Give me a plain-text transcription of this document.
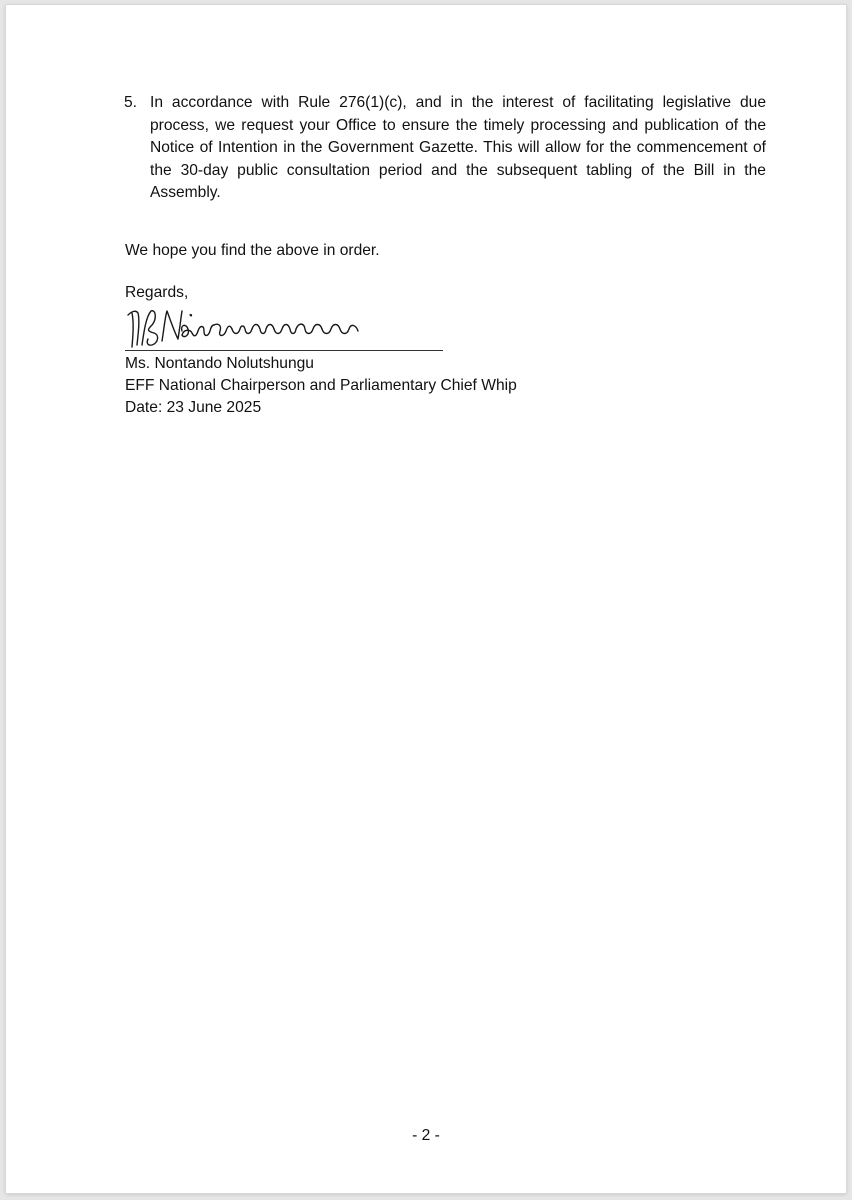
5. In accordance with Rule 276(1)(c), and in the interest of facilitating legislative due process, we request your Office to ensure the timely processing and publication of the Notice of Intention in the Government Gazette. This will allow for the commencement of the 30-day public consultation period and the subsequent tabling of the Bill in the Assembly.
We hope you find the above in order.
Regards,
Ms. Nontando Nolutshungu
EFF National Chairperson and Parliamentary Chief Whip
Date: 23 June 2025
- 2 -
